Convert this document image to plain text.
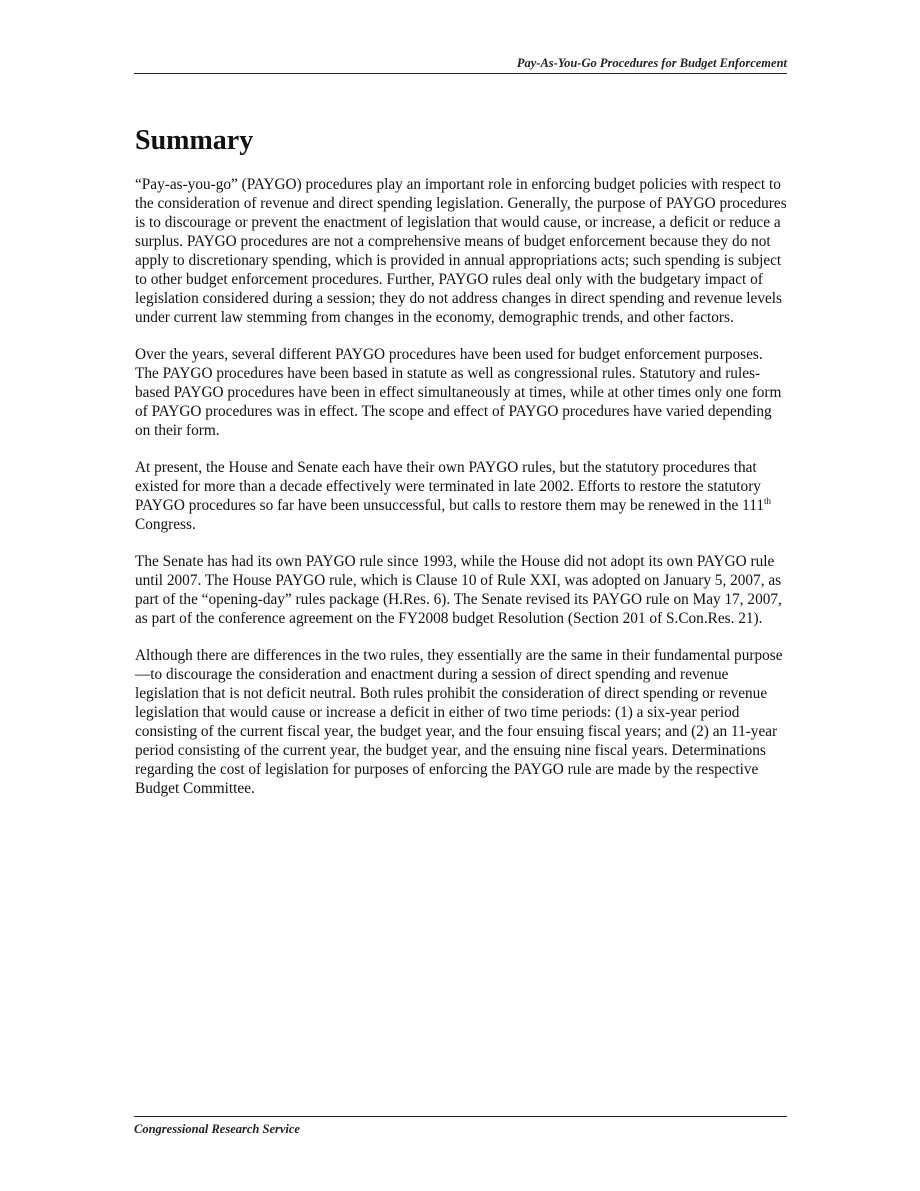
Pay-As-You-Go Procedures for Budget Enforcement
Summary

“Pay-as-you-go” (PAYGO) procedures play an important role in enforcing budget policies with respect to the consideration of revenue and direct spending legislation. Generally, the purpose of PAYGO procedures is to discourage or prevent the enactment of legislation that would cause, or increase, a deficit or reduce a surplus. PAYGO procedures are not a comprehensive means of budget enforcement because they do not apply to discretionary spending, which is provided in annual appropriations acts; such spending is subject to other budget enforcement procedures. Further, PAYGO rules deal only with the budgetary impact of legislation considered during a session; they do not address changes in direct spending and revenue levels under current law stemming from changes in the economy, demographic trends, and other factors.

Over the years, several different PAYGO procedures have been used for budget enforcement purposes. The PAYGO procedures have been based in statute as well as congressional rules. Statutory and rules-based PAYGO procedures have been in effect simultaneously at times, while at other times only one form of PAYGO procedures was in effect. The scope and effect of PAYGO procedures have varied depending on their form.

At present, the House and Senate each have their own PAYGO rules, but the statutory procedures that existed for more than a decade effectively were terminated in late 2002. Efforts to restore the statutory PAYGO procedures so far have been unsuccessful, but calls to restore them may be renewed in the 111th Congress.

The Senate has had its own PAYGO rule since 1993, while the House did not adopt its own PAYGO rule until 2007. The House PAYGO rule, which is Clause 10 of Rule XXI, was adopted on January 5, 2007, as part of the “opening-day” rules package (H.Res. 6). The Senate revised its PAYGO rule on May 17, 2007, as part of the conference agreement on the FY2008 budget Resolution (Section 201 of S.Con.Res. 21).

Although there are differences in the two rules, they essentially are the same in their fundamental purpose—to discourage the consideration and enactment during a session of direct spending and revenue legislation that is not deficit neutral. Both rules prohibit the consideration of direct spending or revenue legislation that would cause or increase a deficit in either of two time periods: (1) a six-year period consisting of the current fiscal year, the budget year, and the four ensuing fiscal years; and (2) an 11-year period consisting of the current year, the budget year, and the ensuing nine fiscal years. Determinations regarding the cost of legislation for purposes of enforcing the PAYGO rule are made by the respective Budget Committee.

Congressional Research Service
